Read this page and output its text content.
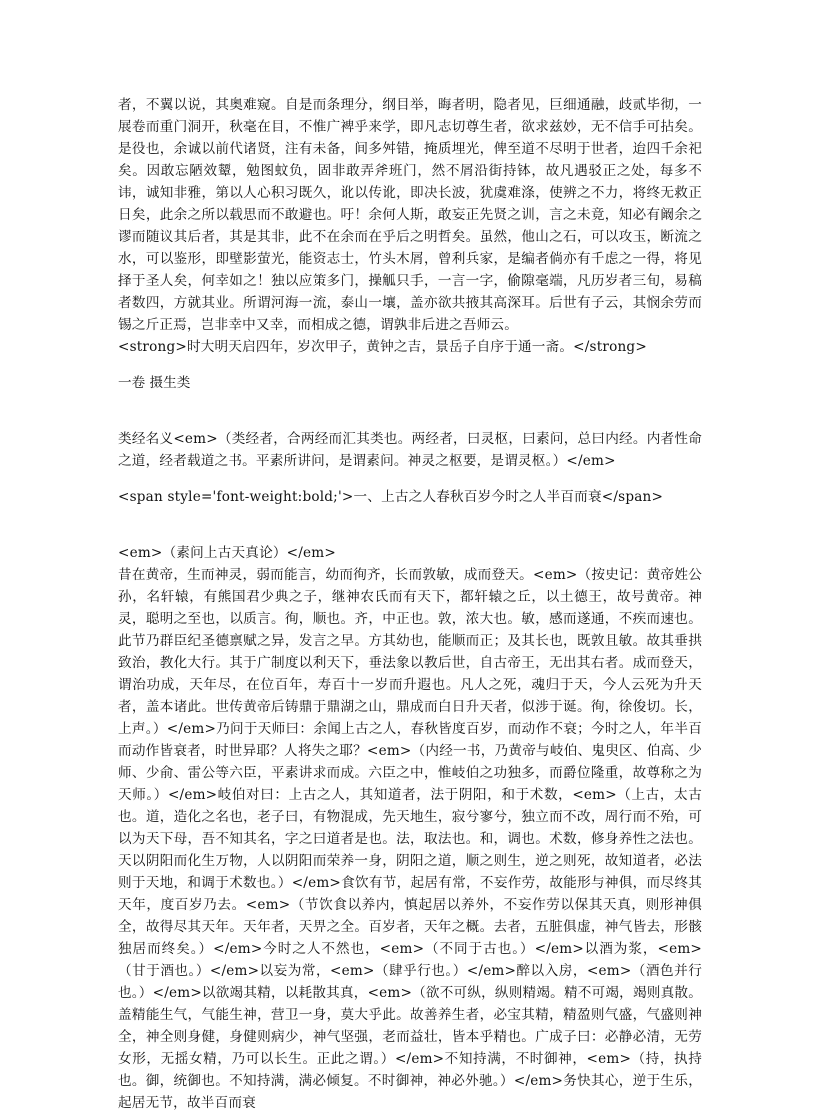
者，不翼以说，其奥难窥。自是而条理分，纲目举，晦者明，隐者见，巨细通融，歧贰毕彻，一展卷而重门洞开，秋毫在目，不惟广裨乎来学，即凡志切尊生者，欲求兹妙，无不信手可拈矣。是役也，余诚以前代诸贤，注有未备，间多舛错，掩质埋光，俾至道不尽明于世者，迨四千余祀矣。因敢忘陋效颦，勉图蚊负，固非敢弄斧班门，然不屑沿街持钵，故凡遇驳正之处，每多不讳，诚知非雅，第以人心积习既久，讹以传讹，即决长波，犹虞难涤，使辨之不力，将终无救正日矣，此余之所以载思而不敢避也。吁！余何人斯，敢妄正先贤之训，言之未竟，知必有阚余之谬而随议其后者，其是其非，此不在余而在乎后之明哲矣。虽然，他山之石，可以攻玉，断流之水，可以鉴形，即壁影萤光，能资志士，竹头木屑，曾利兵家，是编者倘亦有千虑之一得，将见择于圣人矣，何幸如之！独以应策多门，操觚只手，一言一字，偷隙毫端，凡历岁者三旬，易稿者数四，方就其业。所谓河海一流，泰山一壤，盖亦欲共掖其高深耳。后世有子云，其悯余劳而锡之斤正焉，岂非幸中又幸，而相成之德，谓孰非后进之吾师云。

<strong>时大明天启四年，岁次甲子，黄钟之吉，景岳子自序于通一斋。</strong>

一卷 摄生类

类经名义<em>（类经者，合两经而汇其类也。两经者，曰灵枢，曰素问，总曰内经。内者性命之道，经者载道之书。平素所讲问，是谓素问。神灵之枢要，是谓灵枢。）</em>

<span style='font-weight:bold;'>一、上古之人春秋百岁今时之人半百而衰</span>

<em>（素问上古天真论）</em>

昔在黄帝，生而神灵，弱而能言，幼而徇齐，长而敦敏，成而登天。<em>（按史记：黄帝姓公孙，名轩辕，有熊国君少典之子，继神农氏而有天下，都轩辕之丘，以土德王，故号黄帝。神灵，聪明之至也，以质言。徇，顺也。齐，中正也。敦，浓大也。敏，感而遂通，不疾而速也。此节乃群臣纪圣德禀赋之异，发言之早。方其幼也，能顺而正；及其长也，既敦且敏。故其垂拱致治，教化大行。其于广制度以利天下，垂法象以教后世，自古帝王，无出其右者。成而登天，谓治功成，天年尽，在位百年，寿百十一岁而升遐也。凡人之死，魂归于天，今人云死为升天者，盖本诸此。世传黄帝后铸鼎于鼎湖之山，鼎成而白日升天者，似涉于诞。徇，徐俊切。长，上声。）</em>乃问于天师曰：余闻上古之人，春秋皆度百岁，而动作不衰；今时之人，年半百而动作皆衰者，时世异耶？人将失之耶？<em>（内经一书，乃黄帝与岐伯、鬼臾区、伯高、少师、少俞、雷公等六臣，平素讲求而成。六臣之中，惟岐伯之功独多，而爵位隆重，故尊称之为天师。）</em>岐伯对曰：上古之人，其知道者，法于阴阳，和于术数，<em>（上古，太古也。道，造化之名也，老子曰，有物混成，先天地生，寂兮寥兮，独立而不改，周行而不殆，可以为天下母，吾不知其名，字之曰道者是也。法，取法也。和，调也。术数，修身养性之法也。天以阴阳而化生万物，人以阴阳而荣养一身，阴阳之道，顺之则生，逆之则死，故知道者，必法则于天地，和调于术数也。）</em>食饮有节，起居有常，不妄作劳，故能形与神俱，而尽终其天年，度百岁乃去。<em>（节饮食以养内，慎起居以养外，不妄作劳以保其天真，则形神俱全，故得尽其天年。天年者，天畀之全。百岁者，天年之概。去者，五脏俱虚，神气皆去，形骸独居而终矣。）</em>今时之人不然也，<em>（不同于古也。）</em>以酒为浆，<em>（甘于酒也。）</em>以妄为常，<em>（肆乎行也。）</em>醉以入房，<em>（酒色并行也。）</em>以欲竭其精，以耗散其真，<em>（欲不可纵，纵则精竭。精不可竭，竭则真散。盖精能生气，气能生神，营卫一身，莫大乎此。故善养生者，必宝其精，精盈则气盛，气盛则神全，神全则身健，身健则病少，神气坚强，老而益壮，皆本乎精也。广成子曰：必静必清，无劳女形，无摇女精，乃可以长生。正此之谓。）</em>不知持满，不时御神，<em>（持，执持也。御，统御也。不知持满，满必倾复。不时御神，神必外驰。）</em>务快其心，逆于生乐，起居无节，故半百而衰
